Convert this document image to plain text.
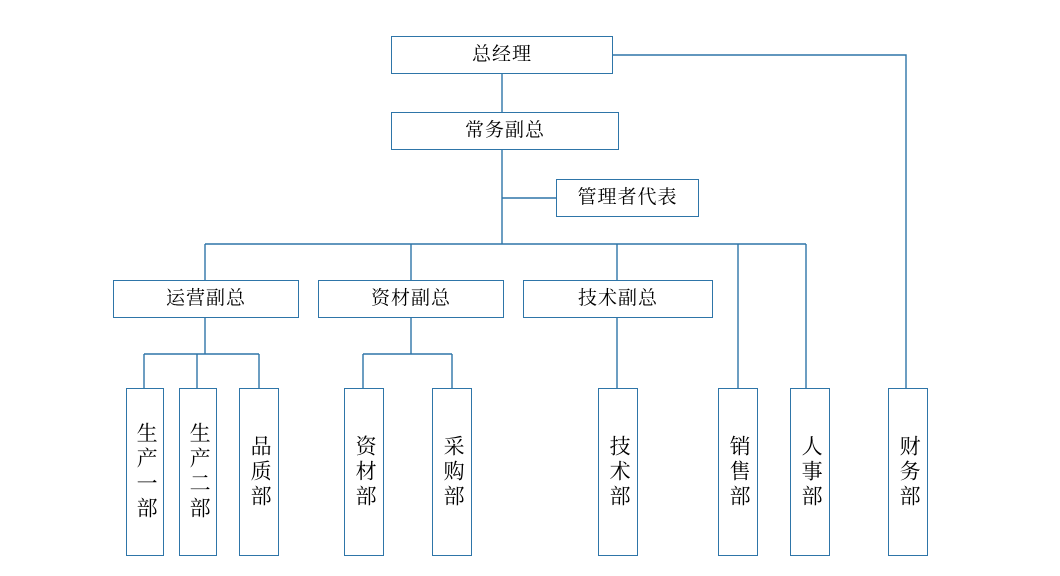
总经理
常务副总
管理者代表
运营副总	资材副总	技术副总
生产一部	生产二部	品质部	资材部	采购部	技术部	销售部	人事部	财务部
